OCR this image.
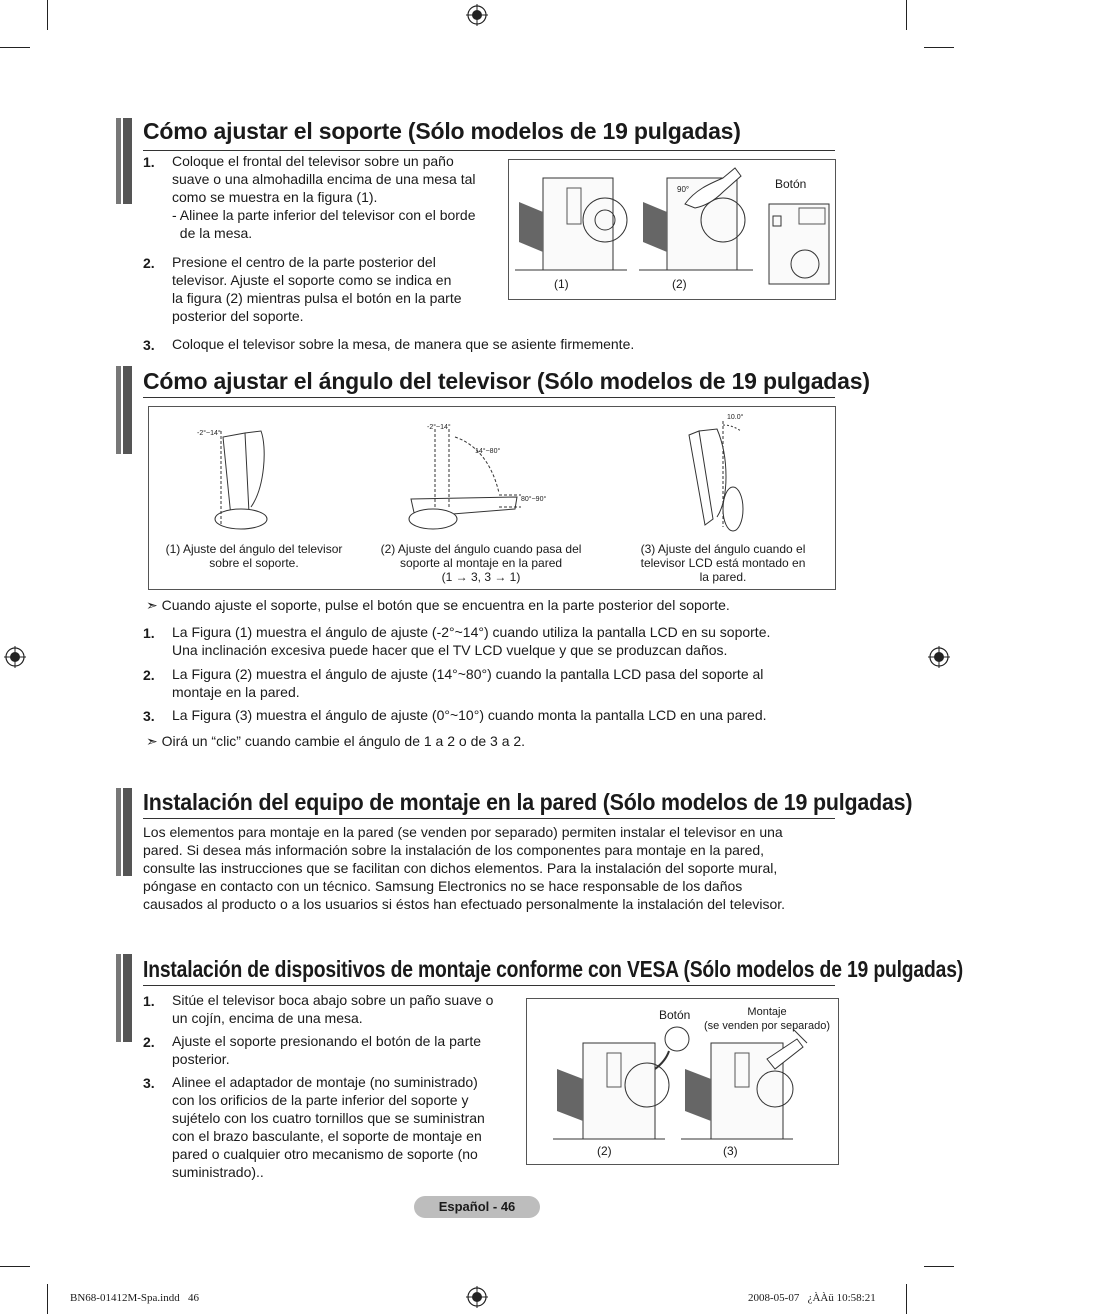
Cómo ajustar el soporte (Sólo modelos de 19 pulgadas)
1. Coloque el frontal del televisor sobre un paño
suave o una almohadilla encima de una mesa tal
como se muestra en la figura (1).
- Alinee la parte inferior del televisor con el borde
de la mesa.
2. Presione el centro de la parte posterior del
televisor. Ajuste el soporte como se indica en
la figura (2) mientras pulsa el botón en la parte
posterior del soporte.
3. Coloque el televisor sobre la mesa, de manera que se asiente firmemente.
90°	Botón
(1)	(2)
Cómo ajustar el ángulo del televisor (Sólo modelos de 19 pulgadas)
-2°~14°
-2°~14°
14°~80°
80°~90°
10.0°
(1) Ajuste del ángulo del televisor
sobre el soporte.
(2) Ajuste del ángulo cuando pasa del
soporte al montaje en la pared
(1 → 3, 3 → 1)
(3) Ajuste del ángulo cuando el
televisor LCD está montado en
la pared.
➣ Cuando ajuste el soporte, pulse el botón que se encuentra en la parte posterior del soporte.
1. La Figura (1) muestra el ángulo de ajuste (-2°~14°) cuando utiliza la pantalla LCD en su soporte.
Una inclinación excesiva puede hacer que el TV LCD vuelque y que se produzcan daños.
2. La Figura (2) muestra el ángulo de ajuste (14°~80°) cuando la pantalla LCD pasa del soporte al
montaje en la pared.
3. La Figura (3) muestra el ángulo de ajuste (0°~10°) cuando monta la pantalla LCD en una pared.
➣ Oirá un “clic” cuando cambie el ángulo de 1 a 2 o de 3 a 2.
Instalación del equipo de montaje en la pared (Sólo modelos de 19 pulgadas)
Los elementos para montaje en la pared (se venden por separado) permiten instalar el televisor en una
pared. Si desea más información sobre la instalación de los componentes para montaje en la pared,
consulte las instrucciones que se facilitan con dichos elementos. Para la instalación del soporte mural,
póngase en contacto con un técnico. Samsung Electronics no se hace responsable de los daños
causados al producto o a los usuarios si éstos han efectuado personalmente la instalación del televisor.
Instalación de dispositivos de montaje conforme con VESA (Sólo modelos de 19 pulgadas)
1. Sitúe el televisor boca abajo sobre un paño suave o
un cojín, encima de una mesa.
2. Ajuste el soporte presionando el botón de la parte
posterior.
3. Alinee el adaptador de montaje (no suministrado)
con los orificios de la parte inferior del soporte y
sujételo con los cuatro tornillos que se suministran
con el brazo basculante, el soporte de montaje en
pared o cualquier otro mecanismo de soporte (no
suministrado)..
Botón	Montaje
(se venden por separado)
(2)	(3)
Español - 46
BN68-01412M-Spa.indd   46	2008-05-07   ¿ÀÀü 10:58:21
